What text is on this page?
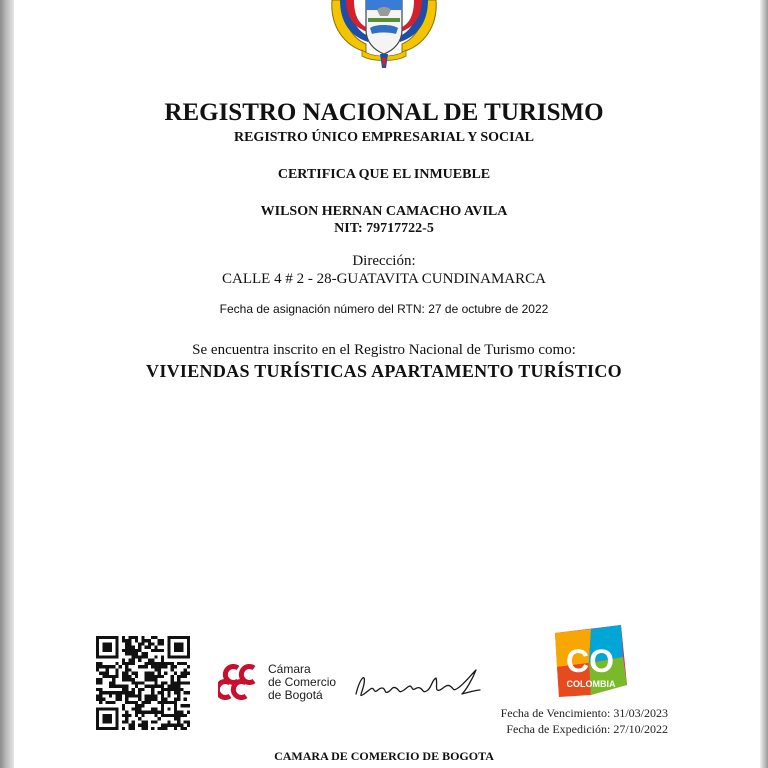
REGISTRO NACIONAL DE TURISMO
REGISTRO ÚNICO EMPRESARIAL Y SOCIAL
CERTIFICA QUE EL INMUEBLE
WILSON HERNAN CAMACHO AVILA
NIT: 79717722-5
Dirección:
CALLE 4 # 2 - 28-GUATAVITA CUNDINAMARCA
Fecha de asignación número del RTN: 27 de octubre de 2022
Se encuentra inscrito en el Registro Nacional de Turismo como:
VIVIENDAS TURÍSTICAS APARTAMENTO TURÍSTICO
Cámara
de Comercio
de Bogotá
CO
COLOMBIA
Fecha de Vencimiento: 31/03/2023
Fecha de Expedición: 27/10/2022
CAMARA DE COMERCIO DE BOGOTA
